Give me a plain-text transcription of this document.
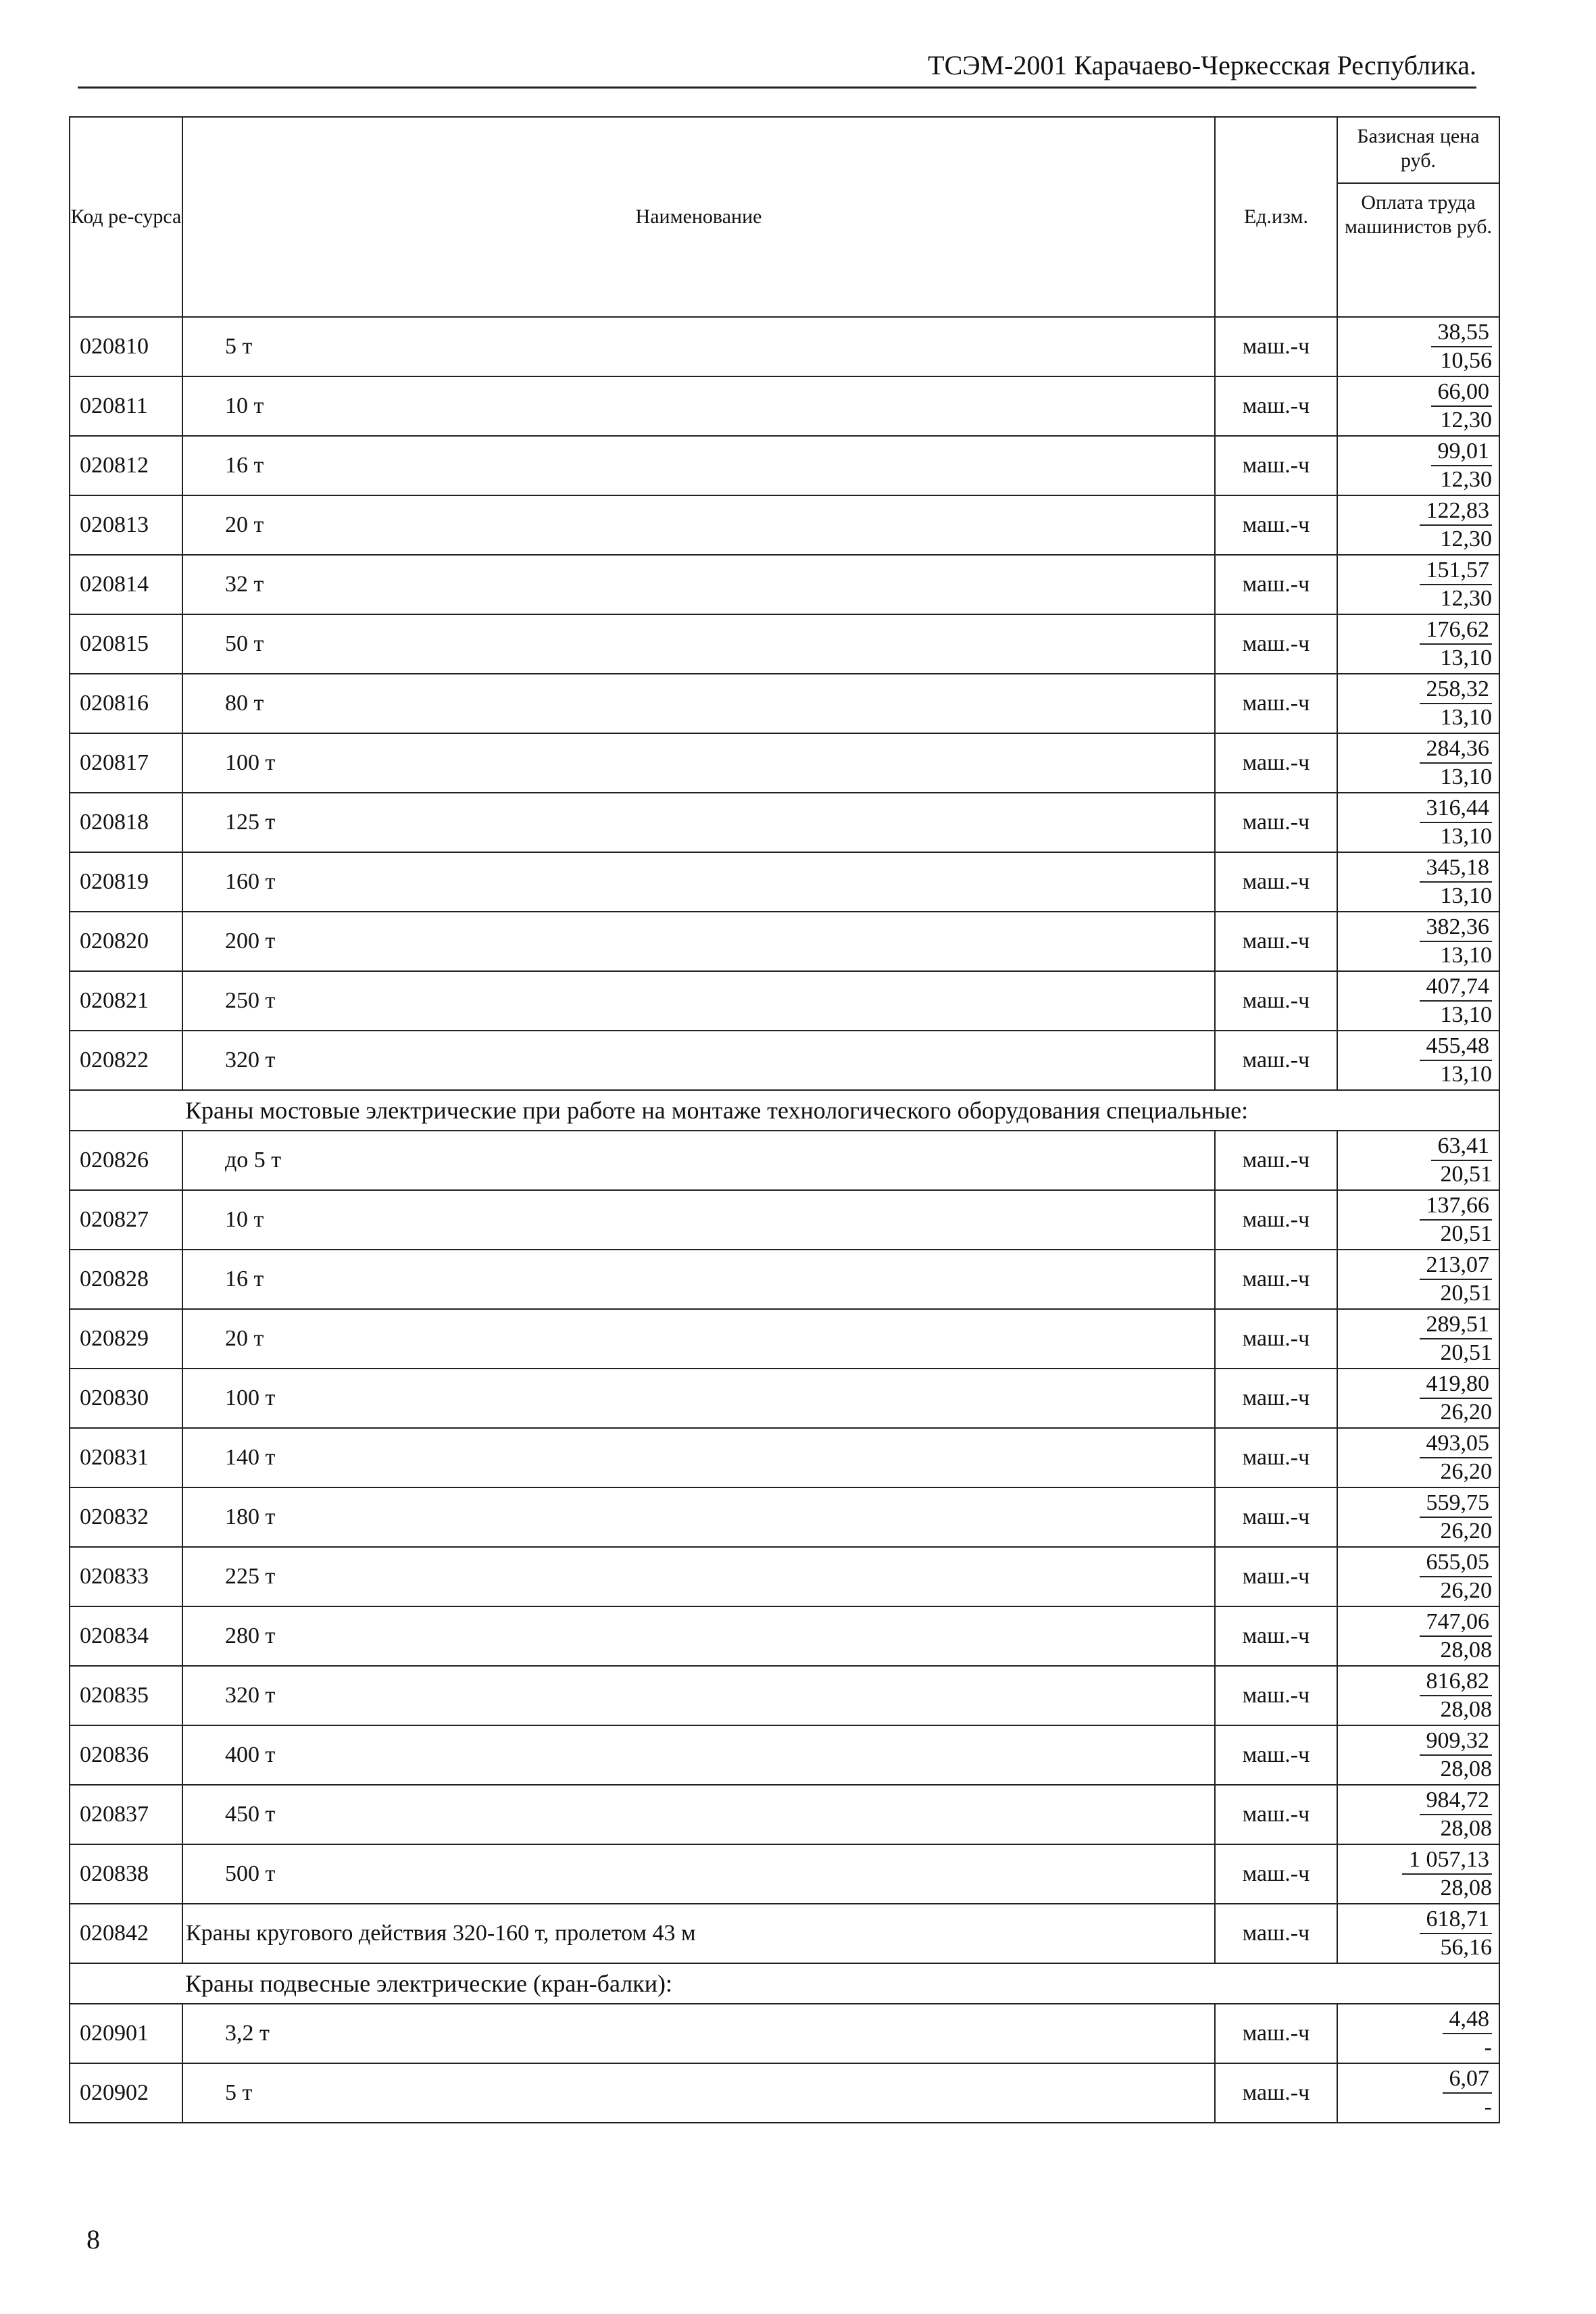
ТСЭМ-2001 Карачаево-Черкесская Республика.
Код ре-сурса	Наименование	Ед.изм.	Базисная цена руб.
Оплата труда машинистов руб.

020810	5 т	маш.-ч	38,55
10,56

020811	10 т	маш.-ч	66,00
12,30

020812	16 т	маш.-ч	99,01
12,30

020813	20 т	маш.-ч	122,83
12,30

020814	32 т	маш.-ч	151,57
12,30

020815	50 т	маш.-ч	176,62
13,10

020816	80 т	маш.-ч	258,32
13,10

020817	100 т	маш.-ч	284,36
13,10

020818	125 т	маш.-ч	316,44
13,10

020819	160 т	маш.-ч	345,18
13,10

020820	200 т	маш.-ч	382,36
13,10

020821	250 т	маш.-ч	407,74
13,10

020822	320 т	маш.-ч	455,48
13,10

Краны мостовые электрические при работе на монтаже технологического оборудования специальные:			
020826	до 5 т	маш.-ч	63,41
20,51

020827	10 т	маш.-ч	137,66
20,51

020828	16 т	маш.-ч	213,07
20,51

020829	20 т	маш.-ч	289,51
20,51

020830	100 т	маш.-ч	419,80
26,20

020831	140 т	маш.-ч	493,05
26,20

020832	180 т	маш.-ч	559,75
26,20

020833	225 т	маш.-ч	655,05
26,20

020834	280 т	маш.-ч	747,06
28,08

020835	320 т	маш.-ч	816,82
28,08

020836	400 т	маш.-ч	909,32
28,08

020837	450 т	маш.-ч	984,72
28,08

020838	500 т	маш.-ч	1 057,13
28,08

020842	Краны кругового действия 320-160 т, пролетом 43 м	маш.-ч	618,71
56,16

Краны подвесные электрические (кран-балки):			
020901	3,2 т	маш.-ч	4,48
-

020902	5 т	маш.-ч	6,07
-
8
